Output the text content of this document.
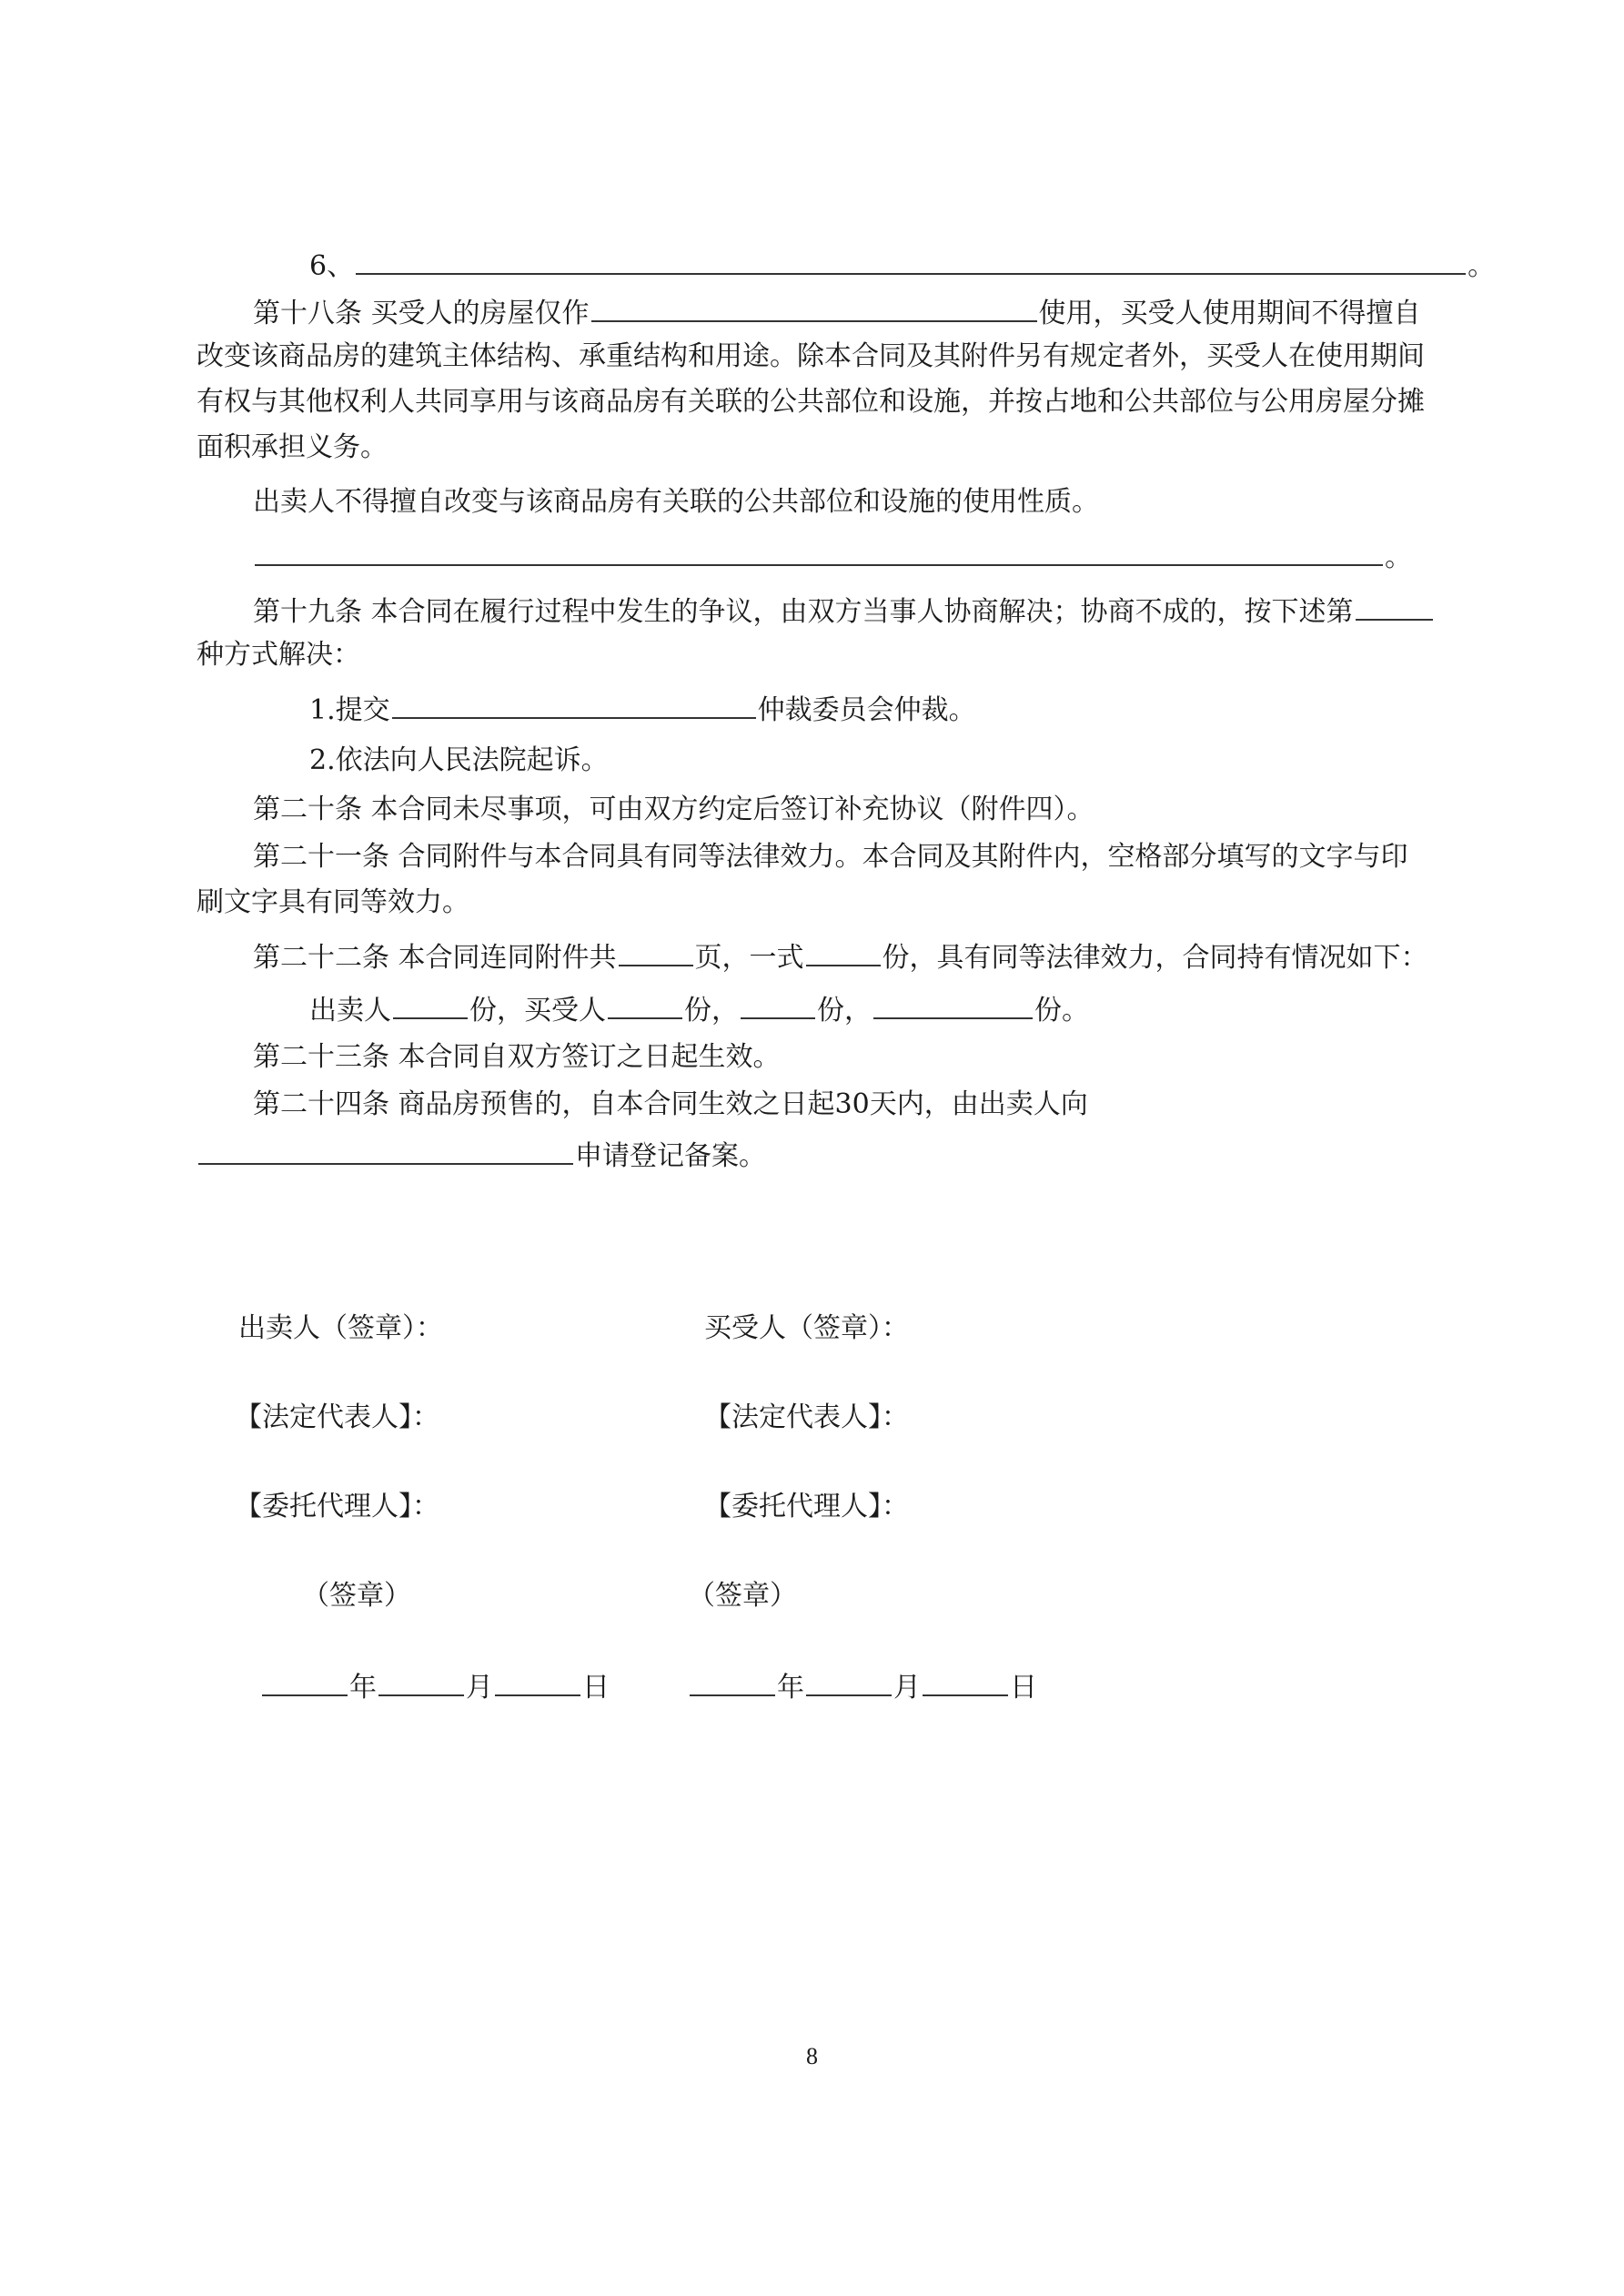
6、	。
第十八条 买受人的房屋仅作	使用，买受人使用期间不得擅自
改变该商品房的建筑主体结构、承重结构和用途。除本合同及其附件另有规定者外，买受人在使用期间
有权与其他权利人共同享用与该商品房有关联的公共部位和设施，并按占地和公共部位与公用房屋分摊
面积承担义务。
出卖人不得擅自改变与该商品房有关联的公共部位和设施的使用性质。
。
第十九条 本合同在履行过程中发生的争议，由双方当事人协商解决；协商不成的，按下述第
种方式解决：
1.提交	仲裁委员会仲裁。
2.依法向人民法院起诉。
第二十条 本合同未尽事项，可由双方约定后签订补充协议（附件四）。
第二十一条 合同附件与本合同具有同等法律效力。本合同及其附件内，空格部分填写的文字与印
刷文字具有同等效力。
第二十二条 本合同连同附件共	页，一式	份，具有同等法律效力，合同持有情况如下：
出卖人	份，买受人	份，	份，	份。
第二十三条 本合同自双方签订之日起生效。
第二十四条 商品房预售的，自本合同生效之日起30天内，由出卖人向
申请登记备案。
出卖人（签章）：	买受人（签章）：
【法定代表人】：	【法定代表人】：
【委托代理人】：	【委托代理人】：
（签章）	（签章）
年	月	日	年	月	日
8
